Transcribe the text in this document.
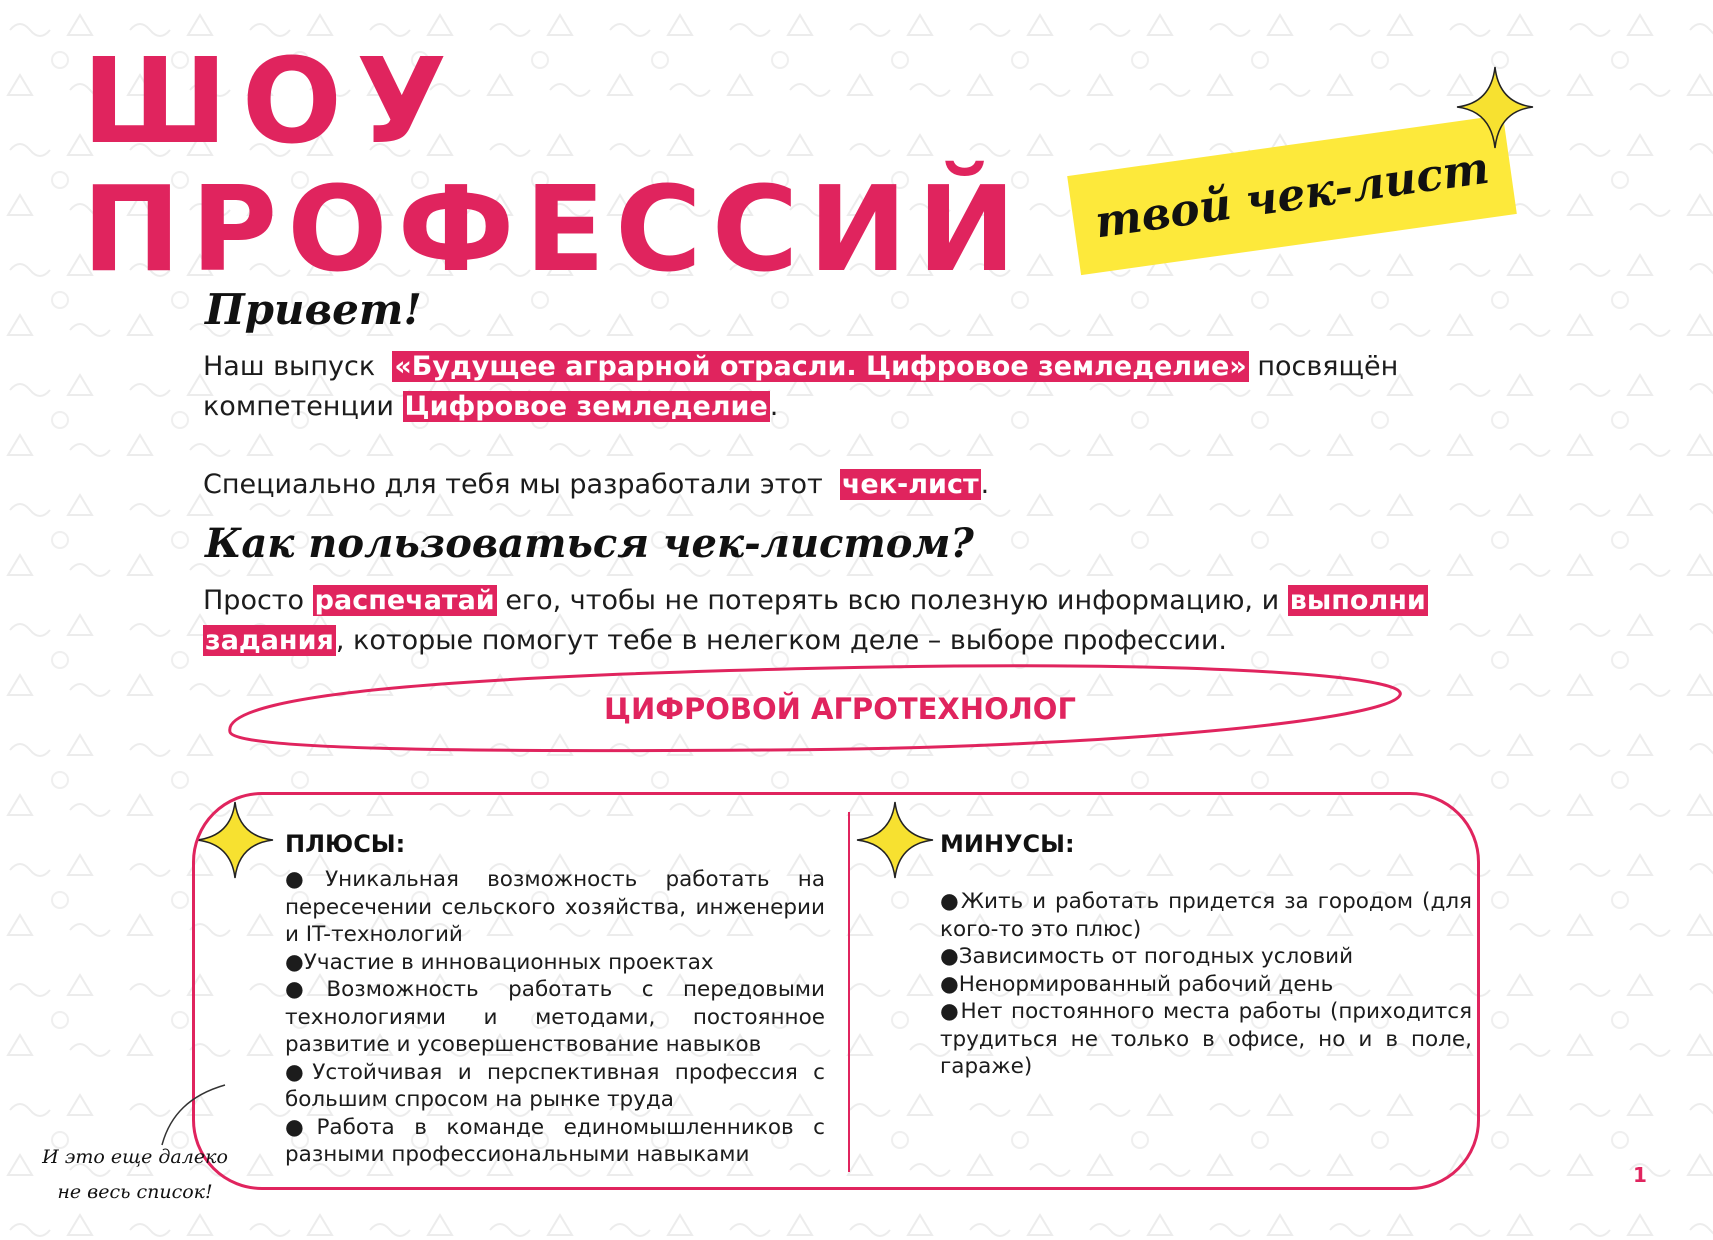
ШОУ
ПРОФЕССИЙ твой чек-лист
Привет!
Наш выпуск «Будущее аграрной отрасли. Цифровое земледелие» посвящён
компетенции Цифровое земледелие.
Специально для тебя мы разработали этот чек-лист.
Как пользоваться чек-листом?
Просто распечатай его, чтобы не потерять всю полезную информацию, и выполни
задания, которые помогут тебе в нелегком деле – выборе профессии.
ЦИФРОВОЙ АГРОТЕХНОЛОГ
ПЛЮСЫ:
●Уникальная возможность работать на пересечении сельского хозяйства, инженерии и IT-технологий
●Участие в инновационных проектах
●Возможность работать с передовыми технологиями и методами, постоянное развитие и усовершенствование навыков
●Устойчивая и перспективная профессия с большим спросом на рынке труда
●Работа в команде единомышленников с разными профессиональными навыками
МИНУСЫ:
●Жить и работать придется за городом (для кого-то это плюс)
●Зависимость от погодных условий
●Ненормированный рабочий день
●Нет постоянного места работы (приходится трудиться не только в офисе, но и в поле, гараже)
И это еще далеко
не весь список!
1
